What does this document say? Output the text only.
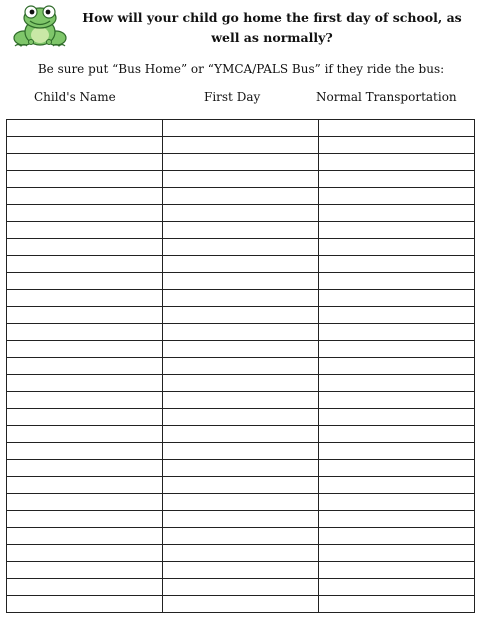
How will your child go home the first day of school, as well as normally?
Be sure put “Bus Home” or “YMCA/PALS Bus” if they ride the bus:
Child's Name	First Day	Normal Transportation
